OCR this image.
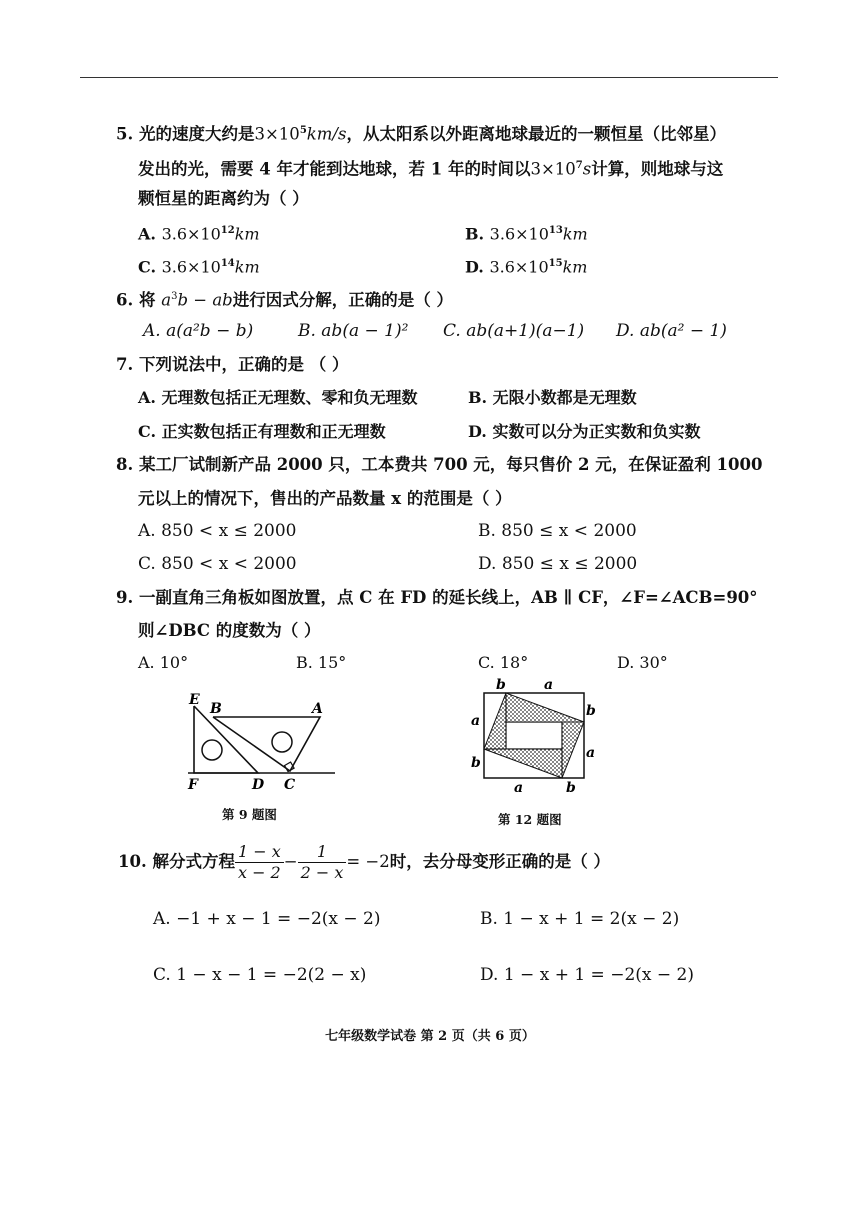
5. 光的速度大约是$3\times 10^5km/s$，从太阳系以外距离地球最近的一颗恒星（比邻星）
发出的光，需要 4 年才能到达地球，若 1 年的时间以$3\times 10^7s$计算，则地球与这
颗恒星的距离约为（ ）
A. $3.6\times 10^{12}km$	B. $3.6\times 10^{13}km$
C. $3.6\times 10^{14}km$	D. $3.6\times 10^{15}km$
6. 将 $a^3b$ − ab进行因式分解，正确的是（ ）
A. a(a²b − b)	B. ab(a − 1)² C. ab(a+1)(a−1) D. ab(a² − 1)
7. 下列说法中，正确的是 （ ）
A. 无理数包括正无理数、零和负无理数	B. 无限小数都是无理数
C. 正实数包括正有理数和正无理数	D. 实数可以分为正实数和负实数
8. 某工厂试制新产品 2000 只，工本费共 700 元，每只售价 2 元，在保证盈利 1000
元以上的情况下，售出的产品数量 x 的范围是（ ）
A. 850 < x ≤ 2000	B. 850 ≤ x < 2000
C. 850 < x < 2000	D. 850 ≤ x ≤ 2000
9. 一副直角三角板如图放置，点 C 在 FD 的延长线上，AB ∥ CF，∠F=∠ACB=90°
则∠DBC 的度数为（ ）
A. 10°	B. 15°	C. 18°	D. 30°
E
B	A
F	D C
第 9 题图
b	a
a
b
b
a
a	b
第 12 题图
10. 解分式方程 $\frac{1 - x}{x - 2} - \frac{1}{2 - x} = -2$时，去分母变形正确的是（ ）
A. −1 + x − 1 = −2(x − 2)	B. 1 − x + 1 = 2(x − 2)
C. 1 − x − 1 = −2(2 − x)	D. 1 − x + 1 = −2(x − 2)
七年级数学试卷 第 2 页（共 6 页）
